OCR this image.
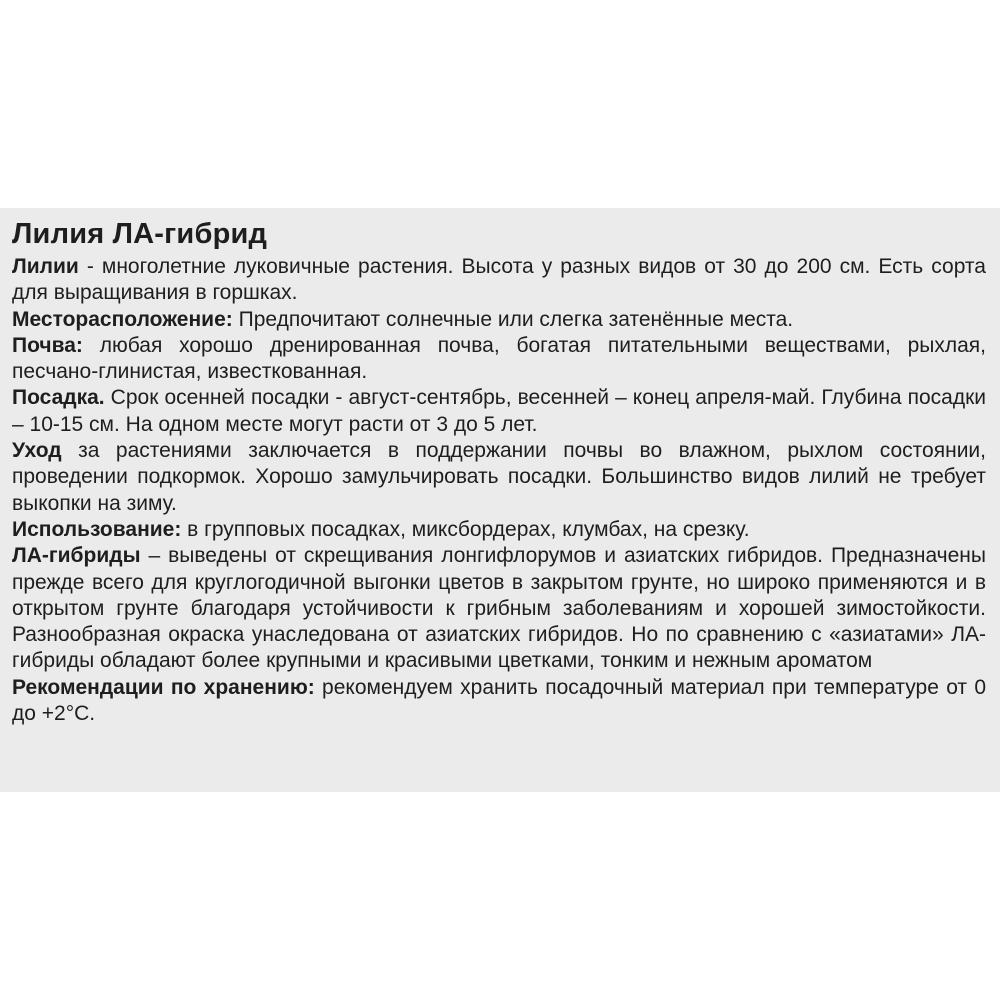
Лилия ЛА-гибрид

Лилии - многолетние луковичные растения. Высота у разных видов от 30 до 200 см. Есть сорта для выращивания в горшках.

Месторасположение: Предпочитают солнечные или слегка затенённые места.

Почва: любая хорошо дренированная почва, богатая питательными веществами, рыхлая, песчано-глинистая, известкованная.

Посадка. Срок осенней посадки - август-сентябрь, весенней – конец апреля-май. Глубина посадки – 10-15 см. На одном месте могут расти от 3 до 5 лет.

Уход за растениями заключается в поддержании почвы во влажном, рыхлом состоянии, проведении подкормок. Хорошо замульчировать посадки. Большинство видов лилий не требует выкопки на зиму.

Использование: в групповых посадках, миксбордерах, клумбах, на срезку.

ЛА-гибриды – выведены от скрещивания лонгифлорумов и азиатских гибридов. Предназначены прежде всего для круглогодичной выгонки цветов в закрытом грунте, но широко применяются и в открытом грунте благодаря устойчивости к грибным заболеваниям и хорошей зимостойкости. Разнообразная окраска унаследована от азиатских гибридов. Но по сравнению с «азиатами» ЛА-гибриды обладают более крупными и красивыми цветками, тонким и нежным ароматом

Рекомендации по хранению: рекомендуем хранить посадочный материал при температуре от 0 до +2°C.
